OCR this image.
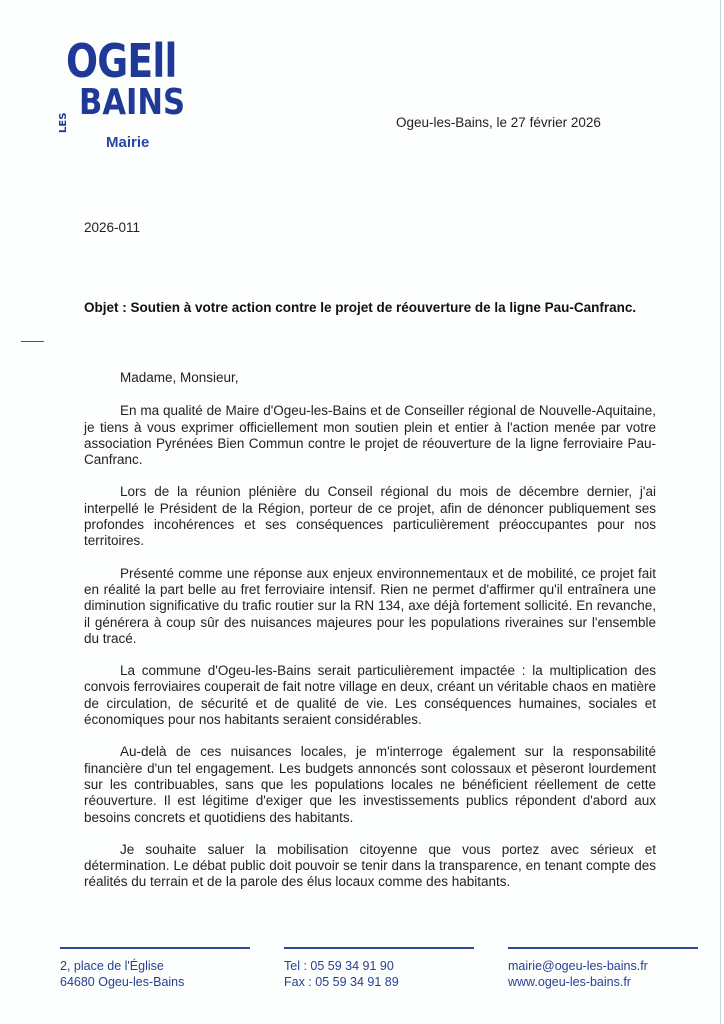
OGEll
LES BAINS
Mairie
Ogeu-les-Bains, le 27 février 2026
2026-011
Objet : Soutien à votre action contre le projet de réouverture de la ligne Pau-Canfranc.

Madame, Monsieur,

En ma qualité de Maire d'Ogeu-les-Bains et de Conseiller régional de Nouvelle-Aquitaine, je tiens à vous exprimer officiellement mon soutien plein et entier à l'action menée par votre association Pyrénées Bien Commun contre le projet de réouverture de la ligne ferroviaire Pau-Canfranc.

Lors de la réunion plénière du Conseil régional du mois de décembre dernier, j'ai interpellé le Président de la Région, porteur de ce projet, afin de dénoncer publiquement ses profondes incohérences et ses conséquences particulièrement préoccupantes pour nos territoires.

Présenté comme une réponse aux enjeux environnementaux et de mobilité, ce projet fait en réalité la part belle au fret ferroviaire intensif. Rien ne permet d'affirmer qu'il entraînera une diminution significative du trafic routier sur la RN 134, axe déjà fortement sollicité. En revanche, il générera à coup sûr des nuisances majeures pour les populations riveraines sur l'ensemble du tracé.

La commune d'Ogeu-les-Bains serait particulièrement impactée : la multiplication des convois ferroviaires couperait de fait notre village en deux, créant un véritable chaos en matière de circulation, de sécurité et de qualité de vie. Les conséquences humaines, sociales et économiques pour nos habitants seraient considérables.

Au-delà de ces nuisances locales, je m'interroge également sur la responsabilité financière d'un tel engagement. Les budgets annoncés sont colossaux et pèseront lourdement sur les contribuables, sans que les populations locales ne bénéficient réellement de cette réouverture. Il est légitime d'exiger que les investissements publics répondent d'abord aux besoins concrets et quotidiens des habitants.

Je souhaite saluer la mobilisation citoyenne que vous portez avec sérieux et détermination. Le débat public doit pouvoir se tenir dans la transparence, en tenant compte des réalités du terrain et de la parole des élus locaux comme des habitants.

2, place de l'Église
64680 Ogeu-les-Bains
Tel : 05 59 34 91 90
Fax : 05 59 34 91 89
mairie@ogeu-les-bains.fr
www.ogeu-les-bains.fr
